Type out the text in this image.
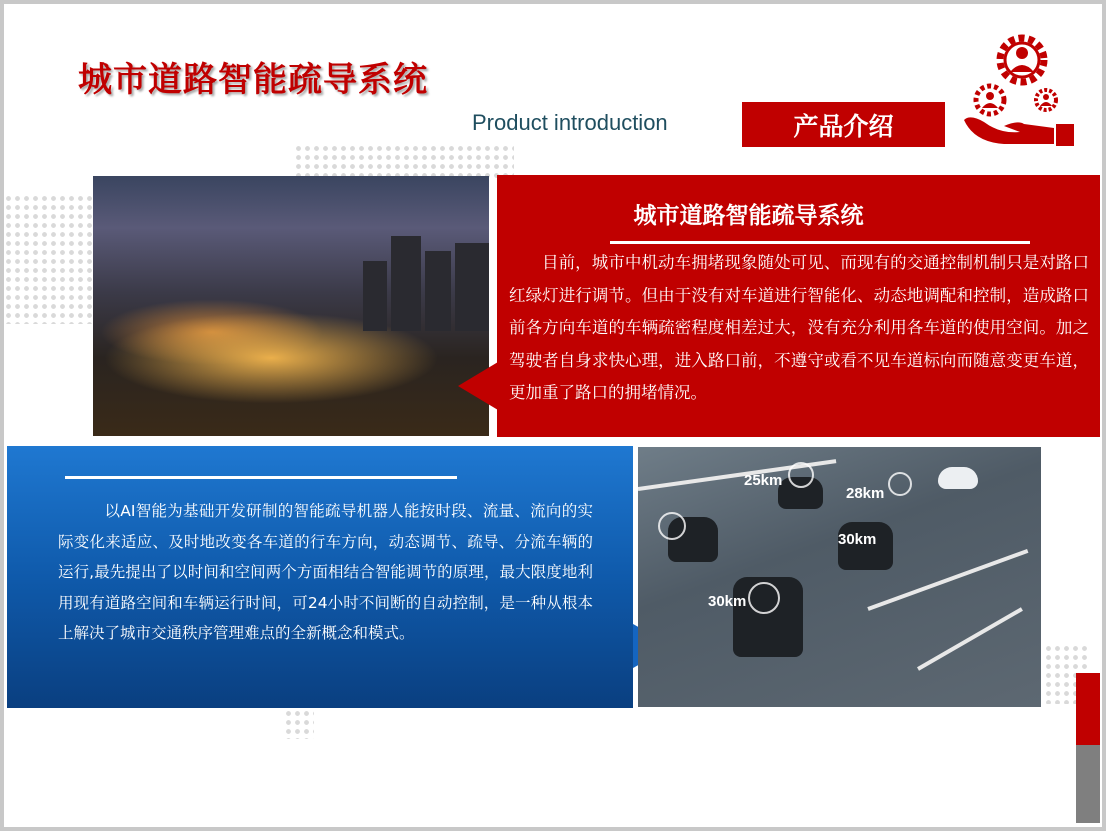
城市道路智能疏导系统
Product introduction	产品介绍
城市道路智能疏导系统
目前，城市中机动车拥堵现象随处可见、而现有的交通控制机制只是对路口红绿灯进行调节。但由于没有对车道进行智能化、动态地调配和控制，造成路口前各方向车道的车辆疏密程度相差过大，没有充分利用各车道的使用空间。加之驾驶者自身求快心理，进入路口前，不遵守或看不见车道标向而随意变更车道，更加重了路口的拥堵情况。
以AI智能为基础开发研制的智能疏导机器人能按时段、流量、流向的实际变化来适应、及时地改变各车道的行车方向，动态调节、疏导、分流车辆的运行,最先提出了以时间和空间两个方面相结合智能调节的原理，最大限度地利用现有道路空间和车辆运行时间，可24小时不间断的自动控制，是一种从根本上解决了城市交通秩序管理难点的全新概念和模式。
25km
28km
30km
30km
